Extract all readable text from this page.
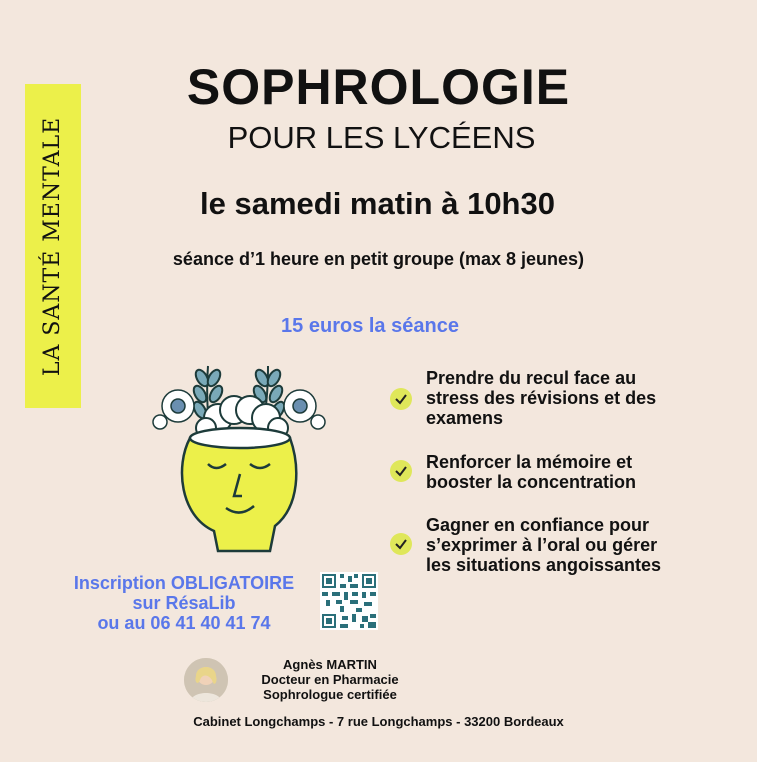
LA SANTÉ MENTALE
SOPHROLOGIE
POUR LES LYCÉENS
le samedi matin à 10h30
séance d’1 heure en petit groupe (max 8 jeunes)
15 euros la séance
Prendre du recul face au
stress des révisions et des
examens
Renforcer la mémoire et
booster la concentration
Gagner en confiance pour
s’exprimer à l’oral ou gérer
les situations angoissantes
Inscription OBLIGATOIRE
sur RésaLib
ou au 06 41 40 41 74
Agnès MARTIN
Docteur en Pharmacie
Sophrologue certifiée
Cabinet Longchamps - 7 rue Longchamps - 33200 Bordeaux
